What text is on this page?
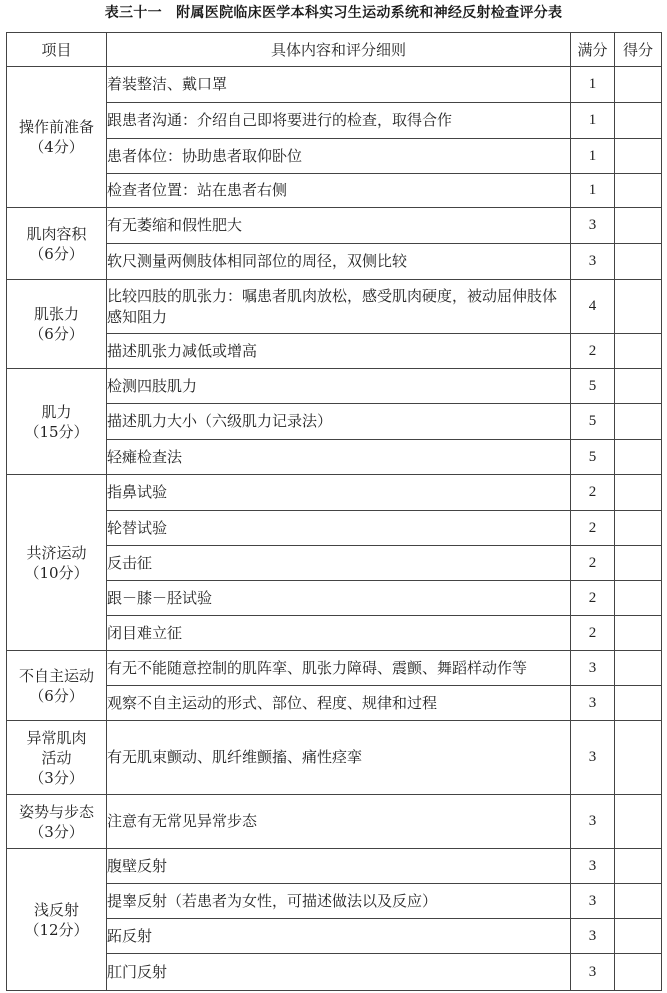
表三十一　附属医院临床医学本科实习生运动系统和神经反射检查评分表
项目	具体内容和评分细则	满分	得分

操作前准备
（4分）	着装整洁、戴口罩	1	
	跟患者沟通：介绍自己即将要进行的检查，取得合作	1	
	患者体位：协助患者取仰卧位	1	
	检查者位置：站在患者右侧	1	

肌肉容积
（6分）	有无萎缩和假性肥大	3	
	软尺测量两侧肢体相同部位的周径，双侧比较	3	

肌张力
（6分）	比较四肢的肌张力：嘱患者肌肉放松，感受肌肉硬度，被动屈伸肢体感知阻力	4	
	描述肌张力减低或增高	2	

肌力
（15分）	检测四肢肌力	5	
	描述肌力大小（六级肌力记录法）	5	
	轻瘫检查法	5	

共济运动
（10分）	指鼻试验	2	
	轮替试验	2	
	反击征	2	
	跟－膝－胫试验	2	
	闭目难立征	2	

不自主运动
（6分）	有无不能随意控制的肌阵挛、肌张力障碍、震颤、舞蹈样动作等	3	
	观察不自主运动的形式、部位、程度、规律和过程	3	

异常肌肉
活动
（3分）	有无肌束颤动、肌纤维颤搐、痛性痉挛	3	

姿势与步态
（3分）	注意有无常见异常步态	3	

浅反射
（12分）	腹壁反射	3	
	提睾反射（若患者为女性，可描述做法以及反应）	3	
	跖反射	3	
	肛门反射	3	
